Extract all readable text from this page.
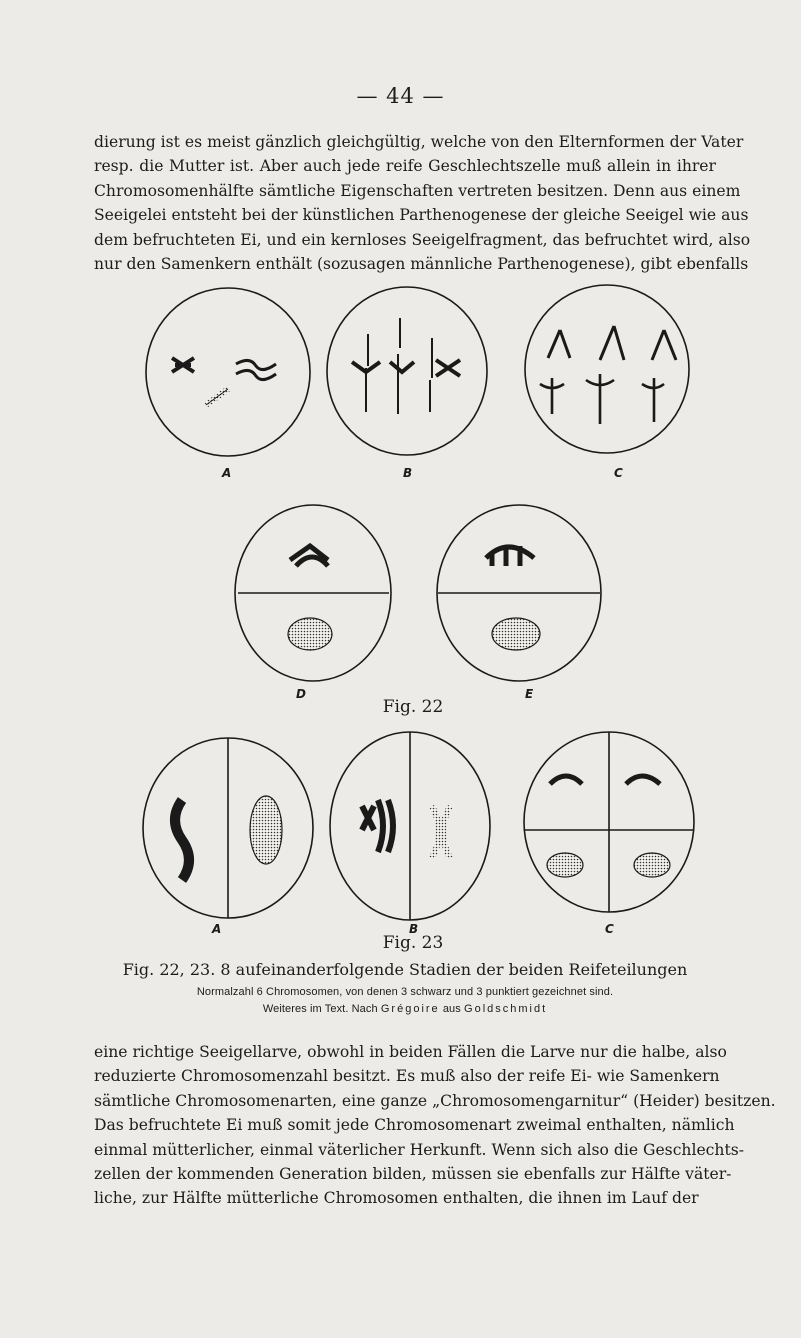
— 44 —
dierung ist es meist gänzlich gleichgültig, welche von den Elternformen der Vater
resp. die Mutter ist. Aber auch jede reife Geschlechtszelle muß allein in ihrer
Chromosomenhälfte sämtliche Eigenschaften vertreten besitzen. Denn aus einem
Seeigelei entsteht bei der künstlichen Parthenogenese der gleiche Seeigel wie aus
dem befruchteten Ei, und ein kernloses Seeigelfragment, das befruchtet wird, also
nur den Samenkern enthält (sozusagen männliche Parthenogenese), gibt ebenfalls
A	B	C
D	E
Fig. 22
A	B	C
Fig. 23
Fig. 22, 23. 8 aufeinanderfolgende Stadien der beiden Reifeteilungen
Normalzahl 6 Chromosomen, von denen 3 schwarz und 3 punktiert gezeichnet sind.
Weiteres im Text. Nach Grégoire aus Goldschmidt
eine richtige Seeigellarve, obwohl in beiden Fällen die Larve nur die halbe, also
reduzierte Chromosomenzahl besitzt. Es muß also der reife Ei- wie Samenkern
sämtliche Chromosomenarten, eine ganze „Chromosomengarnitur“ (Heider) besitzen.
Das befruchtete Ei muß somit jede Chromosomenart zweimal enthalten, nämlich
einmal mütterlicher, einmal väterlicher Herkunft. Wenn sich also die Geschlechts-
zellen der kommenden Generation bilden, müssen sie ebenfalls zur Hälfte väter-
liche, zur Hälfte mütterliche Chromosomen enthalten, die ihnen im Lauf der
